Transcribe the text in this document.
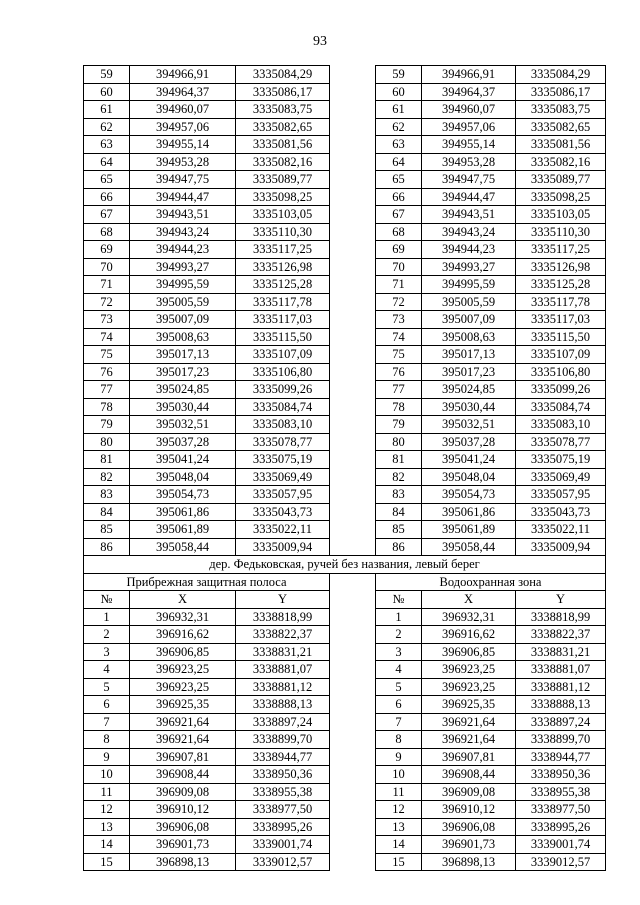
93
59	394966,91	3335084,29		59	394966,91	3335084,29
60	394964,37	3335086,17		60	394964,37	3335086,17
61	394960,07	3335083,75		61	394960,07	3335083,75
62	394957,06	3335082,65		62	394957,06	3335082,65
63	394955,14	3335081,56		63	394955,14	3335081,56
64	394953,28	3335082,16		64	394953,28	3335082,16
65	394947,75	3335089,77		65	394947,75	3335089,77
66	394944,47	3335098,25		66	394944,47	3335098,25
67	394943,51	3335103,05		67	394943,51	3335103,05
68	394943,24	3335110,30		68	394943,24	3335110,30
69	394944,23	3335117,25		69	394944,23	3335117,25
70	394993,27	3335126,98		70	394993,27	3335126,98
71	394995,59	3335125,28		71	394995,59	3335125,28
72	395005,59	3335117,78		72	395005,59	3335117,78
73	395007,09	3335117,03		73	395007,09	3335117,03
74	395008,63	3335115,50		74	395008,63	3335115,50
75	395017,13	3335107,09		75	395017,13	3335107,09
76	395017,23	3335106,80		76	395017,23	3335106,80
77	395024,85	3335099,26		77	395024,85	3335099,26
78	395030,44	3335084,74		78	395030,44	3335084,74
79	395032,51	3335083,10		79	395032,51	3335083,10
80	395037,28	3335078,77		80	395037,28	3335078,77
81	395041,24	3335075,19		81	395041,24	3335075,19
82	395048,04	3335069,49		82	395048,04	3335069,49
83	395054,73	3335057,95		83	395054,73	3335057,95
84	395061,86	3335043,73		84	395061,86	3335043,73
85	395061,89	3335022,11		85	395061,89	3335022,11
86	395058,44	3335009,94		86	395058,44	3335009,94
дер. Федьковская, ручей без названия, левый берег						
Прибрежная защитная полоса				Водоохранная зона		
№	X	Y		№	X	Y
1	396932,31	3338818,99		1	396932,31	3338818,99
2	396916,62	3338822,37		2	396916,62	3338822,37
3	396906,85	3338831,21		3	396906,85	3338831,21
4	396923,25	3338881,07		4	396923,25	3338881,07
5	396923,25	3338881,12		5	396923,25	3338881,12
6	396925,35	3338888,13		6	396925,35	3338888,13
7	396921,64	3338897,24		7	396921,64	3338897,24
8	396921,64	3338899,70		8	396921,64	3338899,70
9	396907,81	3338944,77		9	396907,81	3338944,77
10	396908,44	3338950,36		10	396908,44	3338950,36
11	396909,08	3338955,38		11	396909,08	3338955,38
12	396910,12	3338977,50		12	396910,12	3338977,50
13	396906,08	3338995,26		13	396906,08	3338995,26
14	396901,73	3339001,74		14	396901,73	3339001,74
15	396898,13	3339012,57		15	396898,13	3339012,57
